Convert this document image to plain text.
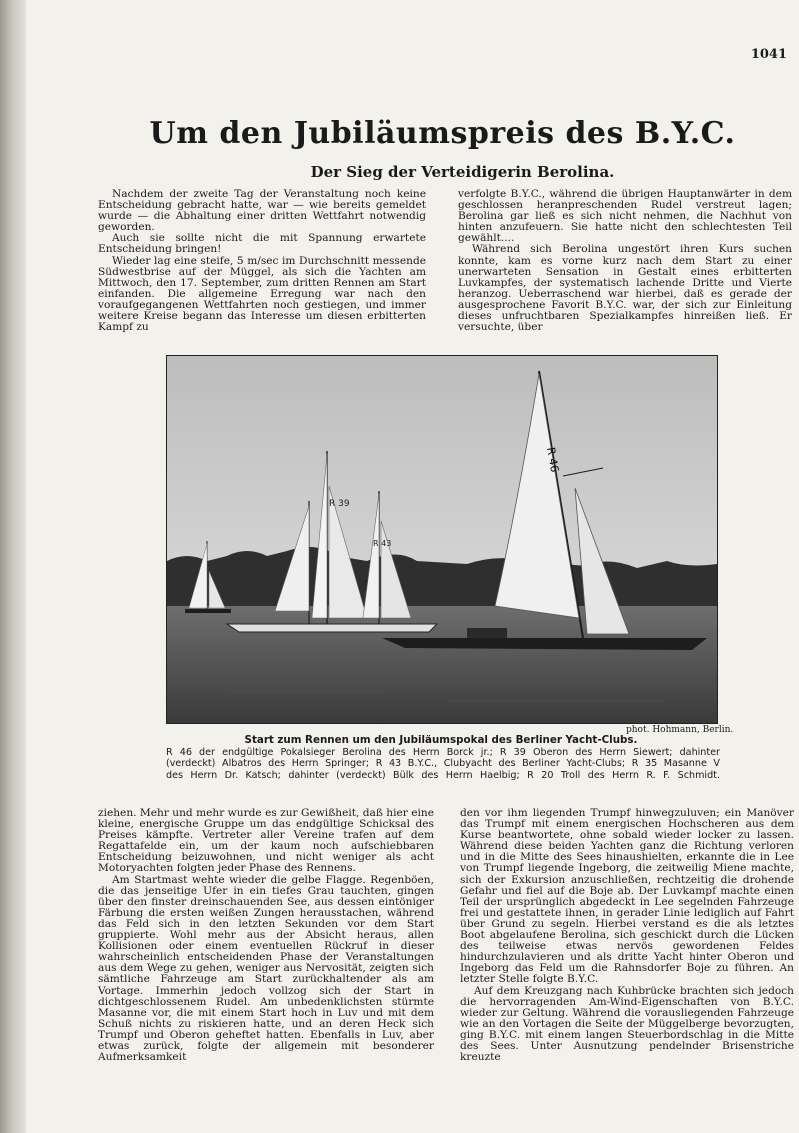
1041
Um den Jubiläumspreis des B.Y.C.
Der Sieg der Verteidigerin Berolina.

Nachdem der zweite Tag der Veranstaltung noch keine Entscheidung gebracht hatte, war — wie bereits gemeldet wurde — die Abhaltung einer dritten Wettfahrt notwendig geworden.

Auch sie sollte nicht die mit Spannung erwartete Entscheidung bringen!

Wieder lag eine steife, 5 m/sec im Durchschnitt messende Südwestbrise auf der Müggel, als sich die Yachten am Mittwoch, den 17. September, zum dritten Rennen am Start einfanden. Die allgemeine Erregung war nach den voraufgegangenen Wettfahrten noch gestiegen, und immer weitere Kreise begann das Interesse um diesen erbitterten Kampf zu

verfolgte B.Y.C., während die übrigen Hauptanwärter in dem geschlossen heranpreschenden Rudel verstreut lagen; Berolina gar ließ es sich nicht nehmen, die Nachhut von hinten anzufeuern. Sie hatte nicht den schlechtesten Teil gewählt....

Während sich Berolina ungestört ihren Kurs suchen konnte, kam es vorne kurz nach dem Start zu einer unerwarteten Sensation in Gestalt eines erbitterten Luvkampfes, der systematisch lachende Dritte und Vierte heranzog. Ueberraschend war hierbei, daß es gerade der ausgesprochene Favorit B.Y.C. war, der sich zur Einleitung dieses unfruchtbaren Spezialkampfes hinreißen ließ. Er versuchte, über

R 39
R 43
R 46
phot. Hohmann, Berlin.
Start zum Rennen um den Jubiläumspokal des Berliner Yacht-Clubs.
R 46 der endgültige Pokalsieger Berolina des Herrn Borck jr.; R 39 Oberon des Herrn Siewert; dahinter
(verdeckt) Albatros des Herrn Springer; R 43 B.Y.C., Clubyacht des Berliner Yacht-Clubs; R 35 Masanne V
des Herrn Dr. Katsch; dahinter (verdeckt) Bülk des Herrn Haelbig; R 20 Troll des Herrn R. F. Schmidt.

ziehen. Mehr und mehr wurde es zur Gewißheit, daß hier eine kleine, energische Gruppe um das endgültige Schicksal des Preises kämpfte. Vertreter aller Vereine trafen auf dem Regattafelde ein, um der kaum noch aufschiebbaren Entscheidung beizuwohnen, und nicht weniger als acht Motoryachten folgten jeder Phase des Rennens.

Am Startmast wehte wieder die gelbe Flagge. Regenböen, die das jenseitige Ufer in ein tiefes Grau tauchten, gingen über den finster dreinschauenden See, aus dessen eintöniger Färbung die ersten weißen Zungen herausstachen, während das Feld sich in den letzten Sekunden vor dem Start gruppierte. Wohl mehr aus der Absicht heraus, allen Kollisionen oder einem eventuellen Rückruf in dieser wahrscheinlich entscheidenden Phase der Veranstaltungen aus dem Wege zu gehen, weniger aus Nervosität, zeigten sich sämtliche Fahrzeuge am Start zurückhaltender als am Vortage. Immerhin jedoch vollzog sich der Start in dichtgeschlossenem Rudel. Am unbedenklichsten stürmte Masanne vor, die mit einem Start hoch in Luv und mit dem Schuß nichts zu riskieren hatte, und an deren Heck sich Trumpf und Oberon geheftet hatten. Ebenfalls in Luv, aber etwas zurück, folgte der allgemein mit besonderer Aufmerksamkeit

den vor ihm liegenden Trumpf hinwegzuluven; ein Manöver das Trumpf mit einem energischen Hochscheren aus dem Kurse beantwortete, ohne sobald wieder locker zu lassen. Während diese beiden Yachten ganz die Richtung verloren und in die Mitte des Sees hinaushielten, erkannte die in Lee von Trumpf liegende Ingeborg, die zeitweilig Miene machte, sich der Exkursion anzuschließen, rechtzeitig die drohende Gefahr und fiel auf die Boje ab. Der Luvkampf machte einen Teil der ursprünglich abgedeckt in Lee segelnden Fahrzeuge frei und gestattete ihnen, in gerader Linie lediglich auf Fahrt über Grund zu segeln. Hierbei verstand es die als letztes Boot abgelaufene Berolina, sich geschickt durch die Lücken des teilweise etwas nervös gewordenen Feldes hindurchzulavieren und als dritte Yacht hinter Oberon und Ingeborg das Feld um die Rahnsdorfer Boje zu führen. An letzter Stelle folgte B.Y.C.

Auf dem Kreuzgang nach Kuhbrücke brachten sich jedoch die hervorragenden Am-Wind-Eigenschaften von B.Y.C. wieder zur Geltung. Während die vorausliegenden Fahrzeuge wie an den Vortagen die Seite der Müggelberge bevorzugten, ging B.Y.C. mit einem langen Steuerbordschlag in die Mitte des Sees. Unter Ausnutzung pendelnder Brisenstriche kreuzte
